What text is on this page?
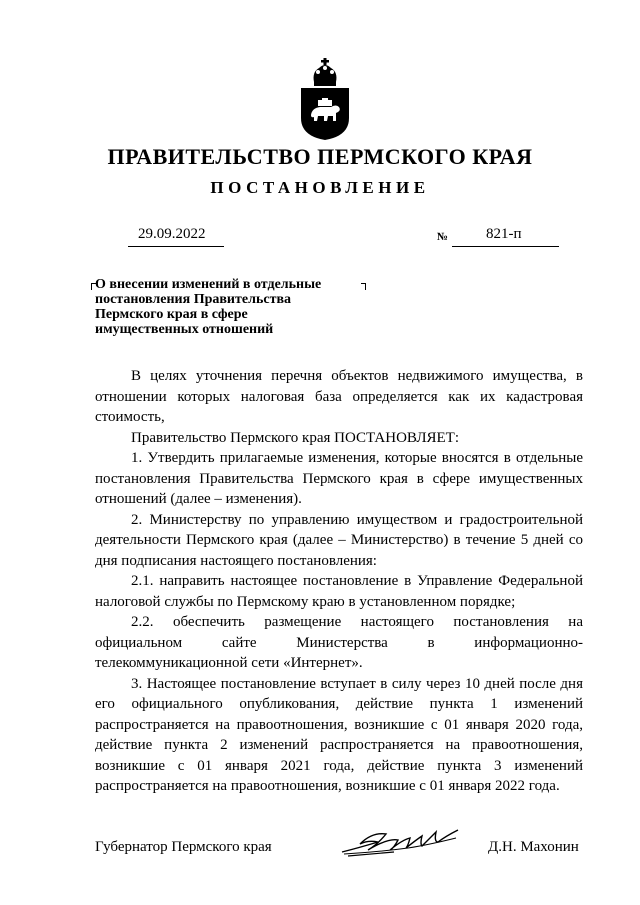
ПРАВИТЕЛЬСТВО ПЕРМСКОГО КРАЯ
ПОСТАНОВЛЕНИЕ
29.09.2022	№	821-п
О внесении изменений в отдельные
постановления Правительства
Пермского края в сфере
имущественных отношений

В целях уточнения перечня объектов недвижимого имущества, в отношении которых налоговая база определяется как их кадастровая стоимость,

Правительство Пермского края ПОСТАНОВЛЯЕТ:

1. Утвердить прилагаемые изменения, которые вносятся в отдельные постановления Правительства Пермского края в сфере имущественных отношений (далее – изменения).

2. Министерству по управлению имуществом и градостроительной деятельности Пермского края (далее – Министерство) в течение 5 дней со дня подписания настоящего постановления:

2.1. направить настоящее постановление в Управление Федеральной налоговой службы по Пермскому краю в установленном порядке;

2.2. обеспечить размещение настоящего постановления на официальном сайте Министерства в информационно-телекоммуникационной сети «Интернет».

3. Настоящее постановление вступает в силу через 10 дней после дня его официального опубликования, действие пункта 1 изменений распространяется на правоотношения, возникшие с 01 января 2020 года, действие пункта 2 изменений распространяется на правоотношения, возникшие с 01 января 2021 года, действие пункта 3 изменений распространяется на правоотношения, возникшие с 01 января 2022 года.

Губернатор Пермского края	Д.Н. Махонин
